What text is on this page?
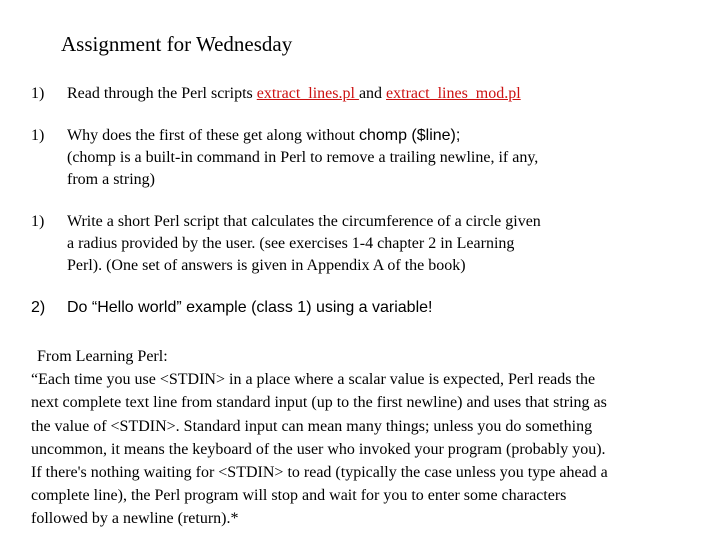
Assignment for Wednesday
1)	Read through the Perl scripts extract_lines.pl and extract_lines_mod.pl
1)	Why does the first of these get along without chomp ($line);
(chomp is a built-in command in Perl to remove a trailing newline, if any,
from a string)
1)	Write a short Perl script that calculates the circumference of a circle given
a radius provided by the user. (see exercises 1-4 chapter 2 in Learning
Perl). (One set of answers is given in Appendix A of the book)
2)	Do “Hello world” example (class 1) using a variable!
From Learning Perl:
“Each time you use <STDIN> in a place where a scalar value is expected, Perl reads the
next complete text line from standard input (up to the first newline) and uses that string as
the value of <STDIN>. Standard input can mean many things; unless you do something
uncommon, it means the keyboard of the user who invoked your program (probably you).
If there's nothing waiting for <STDIN> to read (typically the case unless you type ahead a
complete line), the Perl program will stop and wait for you to enter some characters
followed by a newline (return).*
